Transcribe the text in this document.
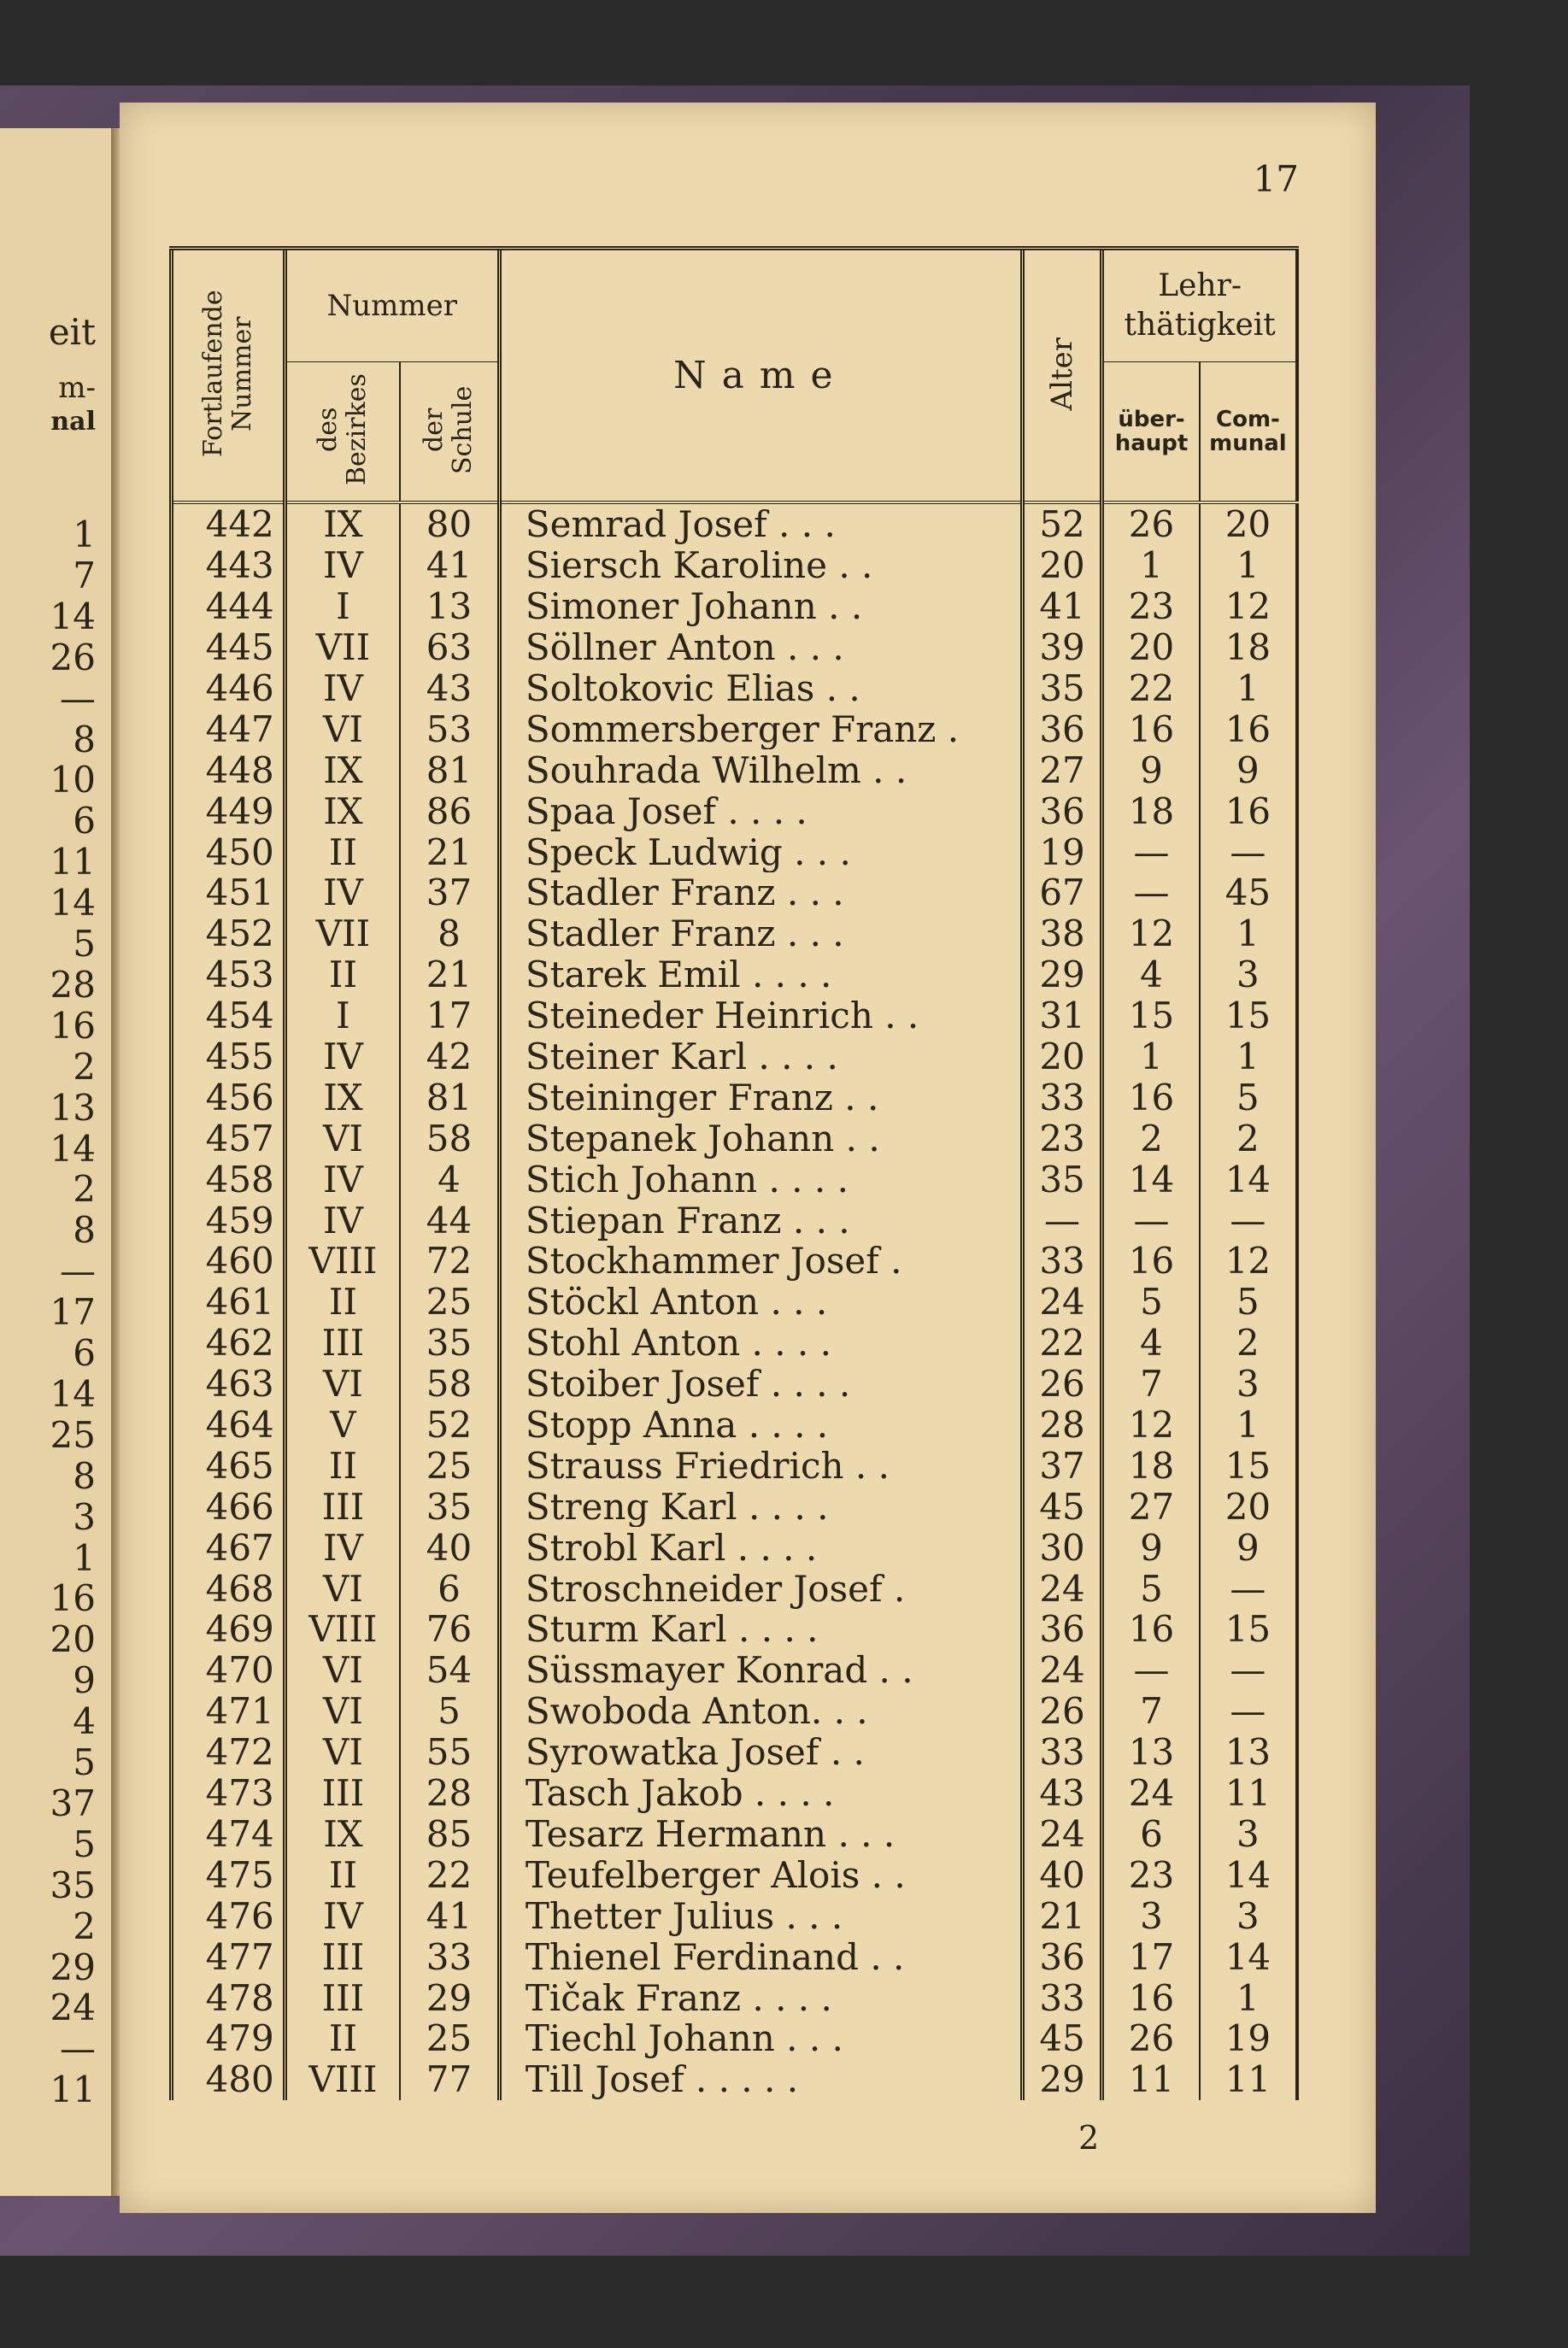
eit
m-
nal
1
7
14
26
—
8
10
6
11
14
5
28
16
2
13
14
2
8
—
17
6
14
25
8
3
1
16
20
9
4
5
37
5
35
2
29
24
—
11
17
Fortlaufende Nummer	Nummer		Name	Alter	Lehr-thätigkeit	

	des Bezirkes	der Schule			über-haupt	Com-munal

442	IX	80	Semrad Josef . . .	52	26	20
443	IV	41	Siersch Karoline . .	20	1	1
444	I	13	Simoner Johann . .	41	23	12
445	VII	63	Söllner Anton . . .	39	20	18
446	IV	43	Soltokovic Elias . .	35	22	1
447	VI	53	Sommersberger Franz .	36	16	16
448	IX	81	Souhrada Wilhelm . .	27	9	9
449	IX	86	Spaa Josef . . . .	36	18	16
450	II	21	Speck Ludwig . . .	19	—	—
451	IV	37	Stadler Franz . . .	67	—	45
452	VII	8	Stadler Franz . . .	38	12	1
453	II	21	Starek Emil . . . .	29	4	3
454	I	17	Steineder Heinrich . .	31	15	15
455	IV	42	Steiner Karl . . . .	20	1	1
456	IX	81	Steininger Franz . .	33	16	5
457	VI	58	Stepanek Johann . .	23	2	2
458	IV	4	Stich Johann . . . .	35	14	14
459	IV	44	Stiepan Franz . . .	—	—	—
460	VIII	72	Stockhammer Josef .	33	16	12
461	II	25	Stöckl Anton . . .	24	5	5
462	III	35	Stohl Anton . . . .	22	4	2
463	VI	58	Stoiber Josef . . . .	26	7	3
464	V	52	Stopp Anna . . . .	28	12	1
465	II	25	Strauss Friedrich . .	37	18	15
466	III	35	Streng Karl . . . .	45	27	20
467	IV	40	Strobl Karl . . . .	30	9	9
468	VI	6	Stroschneider Josef .	24	5	—
469	VIII	76	Sturm Karl . . . .	36	16	15
470	VI	54	Süssmayer Konrad . .	24	—	—
471	VI	5	Swoboda Anton. . .	26	7	—
472	VI	55	Syrowatka Josef . .	33	13	13
473	III	28	Tasch Jakob . . . .	43	24	11
474	IX	85	Tesarz Hermann . . .	24	6	3
475	II	22	Teufelberger Alois . .	40	23	14
476	IV	41	Thetter Julius . . .	21	3	3
477	III	33	Thienel Ferdinand . .	36	17	14
478	III	29	Tičak Franz . . . .	33	16	1
479	II	25	Tiechl Johann . . .	45	26	19
480	VIII	77	Till Josef . . . . .	29	11	11
2
